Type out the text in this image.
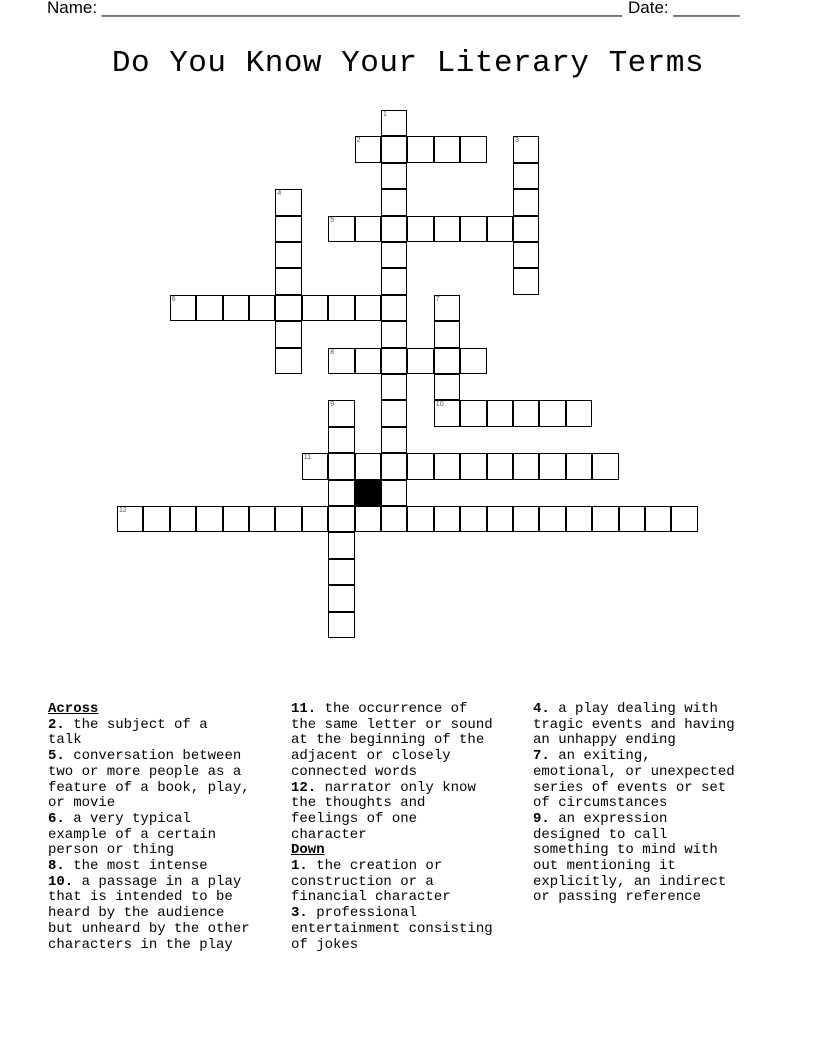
Name: _______________________________________________________ Date: _______
Do You Know Your Literary Terms
1
2	3
4
5
6	7
10
8
9
11
12
Across
2. the subject of a
talk
5. conversation between
two or more people as a
feature of a book, play,
or movie
6. a very typical
example of a certain
person or thing
8. the most intense
10. a passage in a play
that is intended to be
heard by the audience
but unheard by the other
characters in the play
11. the occurrence of
the same letter or sound
at the beginning of the
adjacent or closely
connected words
12. narrator only know
the thoughts and
feelings of one
character
Down
1. the creation or
construction or a
financial character
3. professional
entertainment consisting
of jokes
4. a play dealing with
tragic events and having
an unhappy ending
7. an exiting,
emotional, or unexpected
series of events or set
of circumstances
9. an expression
designed to call
something to mind with
out mentioning it
explicitly, an indirect
or passing reference
